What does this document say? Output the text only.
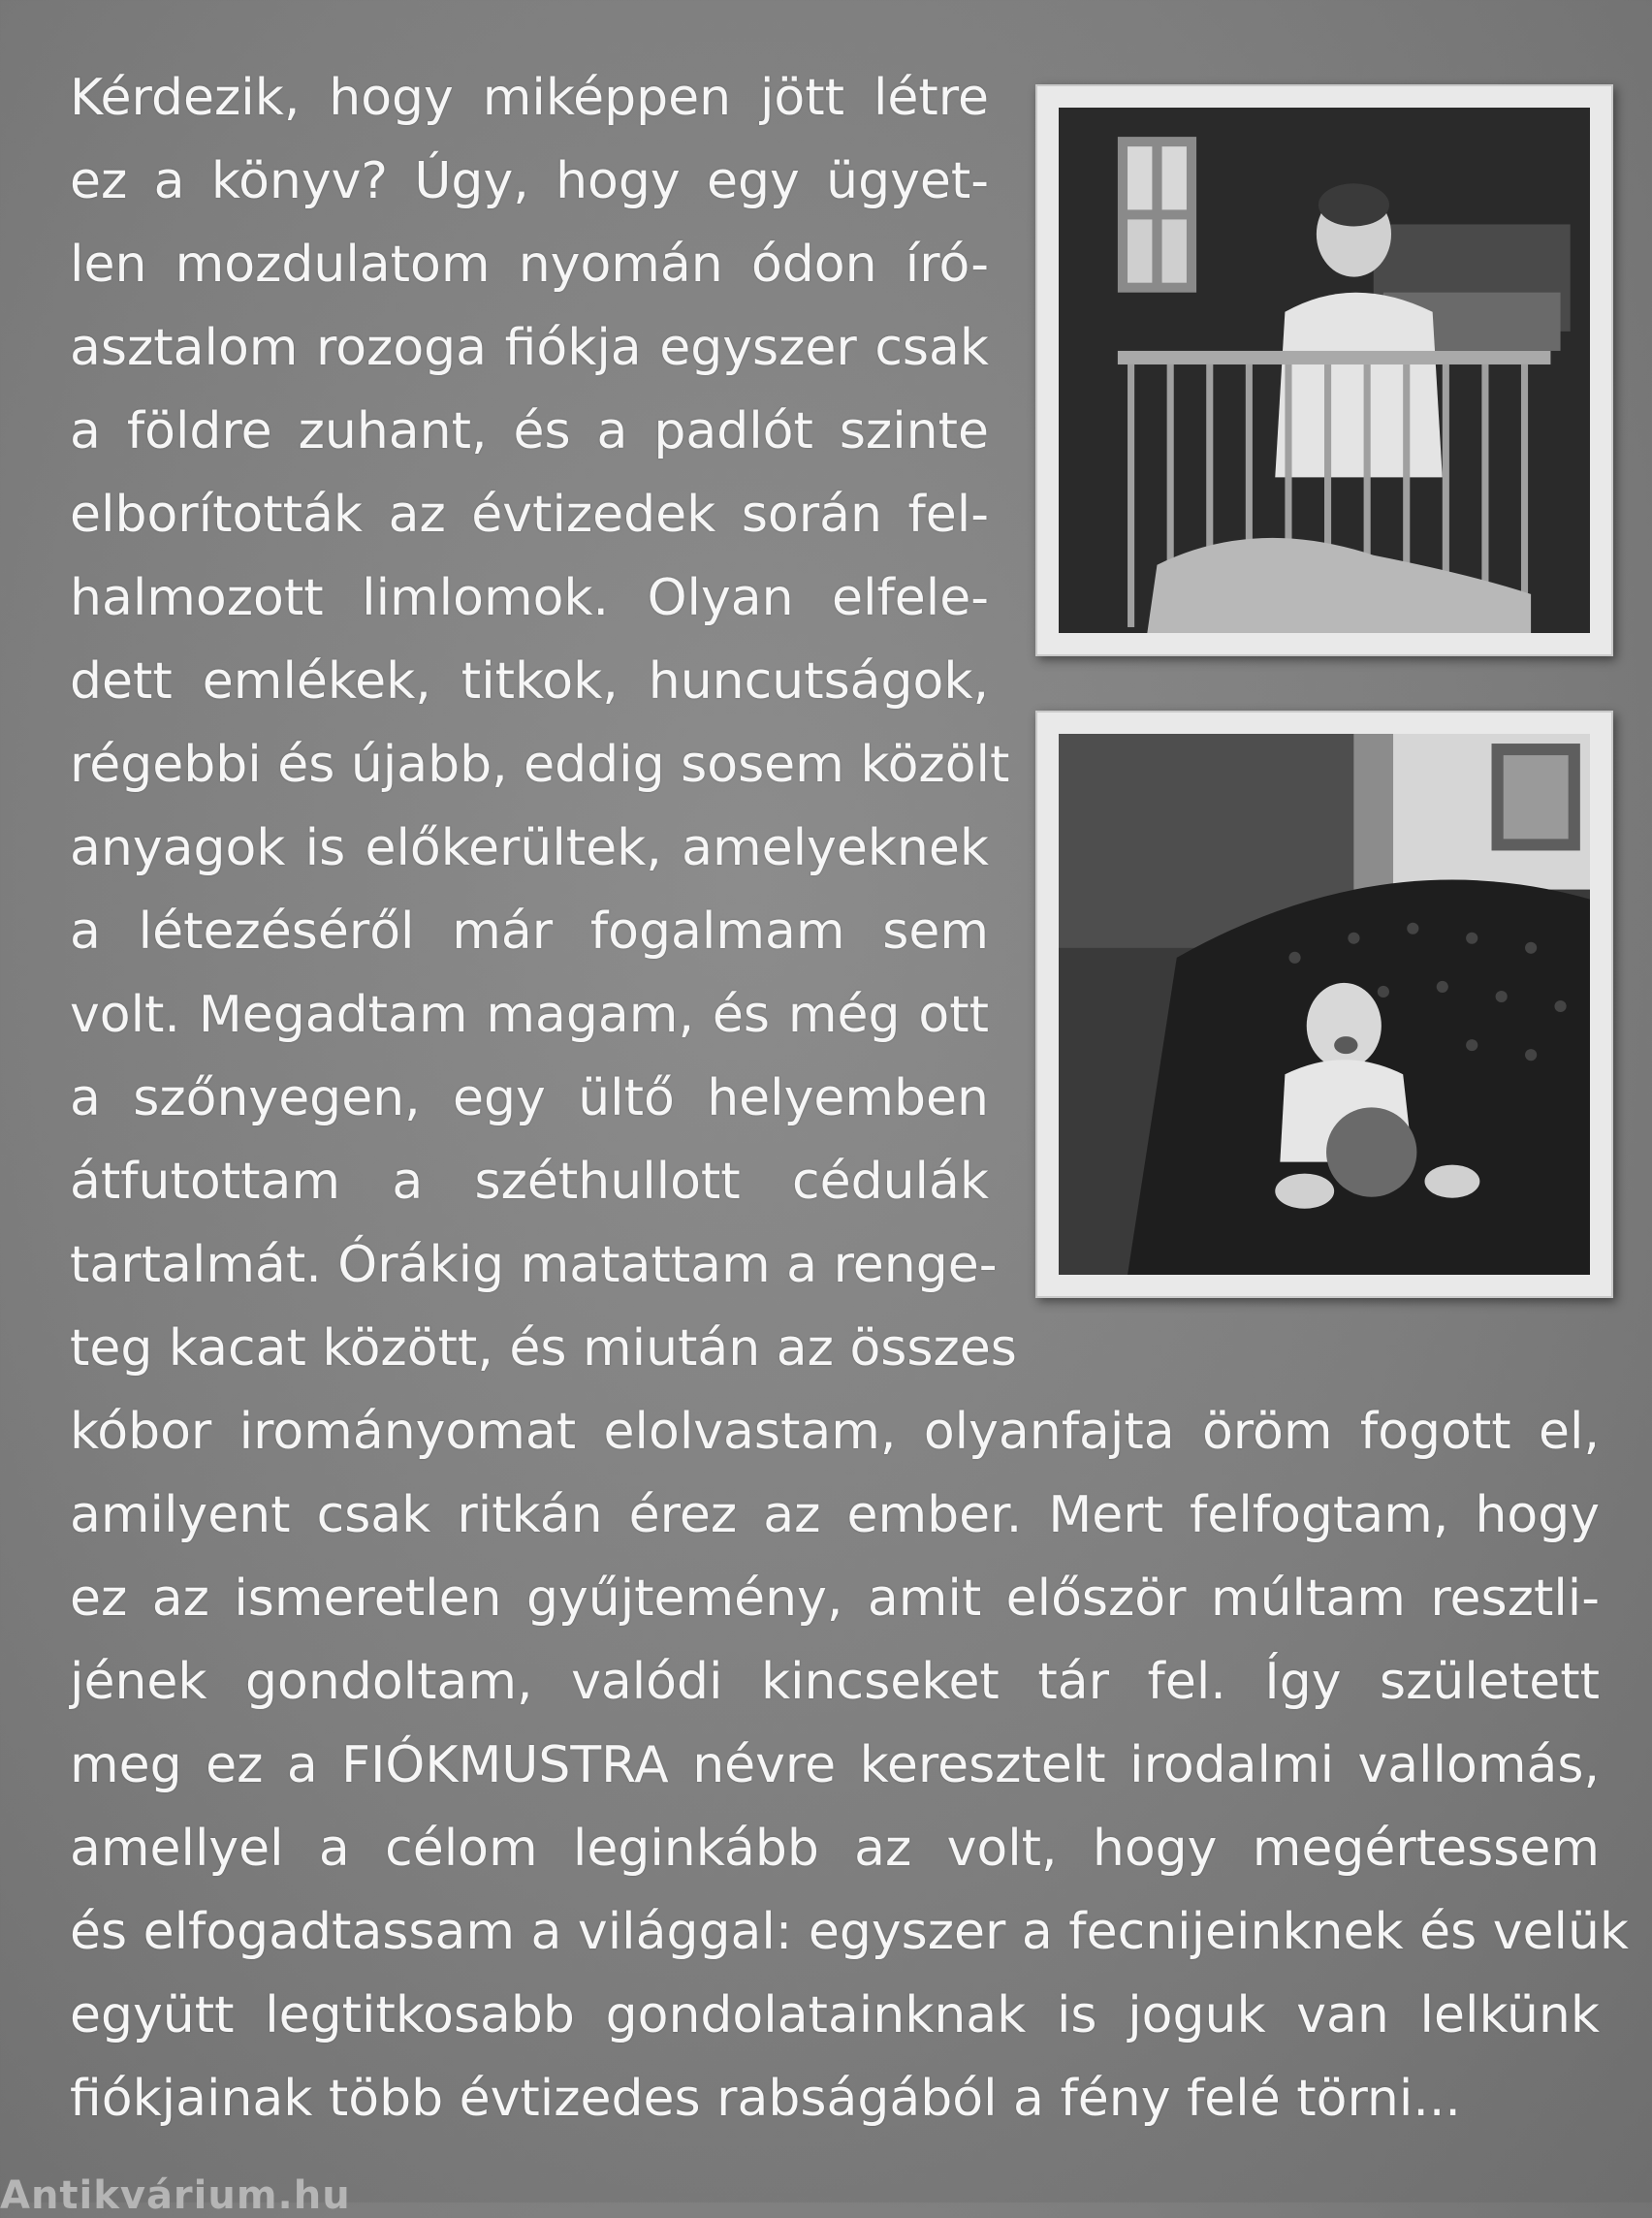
Kérdezik, hogy miképpen jött létre

ez a könyv? Úgy, hogy egy ügyet-

len mozdulatom nyomán ódon író-

asztalom rozoga fiókja egyszer csak

a földre zuhant, és a padlót szinte

elborították az évtizedek során fel-

halmozott limlomok. Olyan elfele-

dett emlékek, titkok, huncutságok,

régebbi és újabb, eddig sosem közölt

anyagok is előkerültek, amelyeknek

a létezéséről már fogalmam sem

volt. Megadtam magam, és még ott

a szőnyegen, egy ültő helyemben

átfutottam a széthullott cédulák

tartalmát. Órákig matattam a renge-

teg kacat között, és miután az összes

kóbor irományomat elolvastam, olyanfajta öröm fogott el,

amilyent csak ritkán érez az ember. Mert felfogtam, hogy

ez az ismeretlen gyűjtemény, amit először múltam resztli-

jének gondoltam, valódi kincseket tár fel. Így született

meg ez a FIÓKMUSTRA névre keresztelt irodalmi vallomás,

amellyel a célom leginkább az volt, hogy megértessem

és elfogadtassam a világgal: egyszer a fecnijeinknek és velük

együtt legtitkosabb gondolatainknak is joguk van lelkünk

fiókjainak több évtizedes rabságából a fény felé törni...

Antikvárium.hu
